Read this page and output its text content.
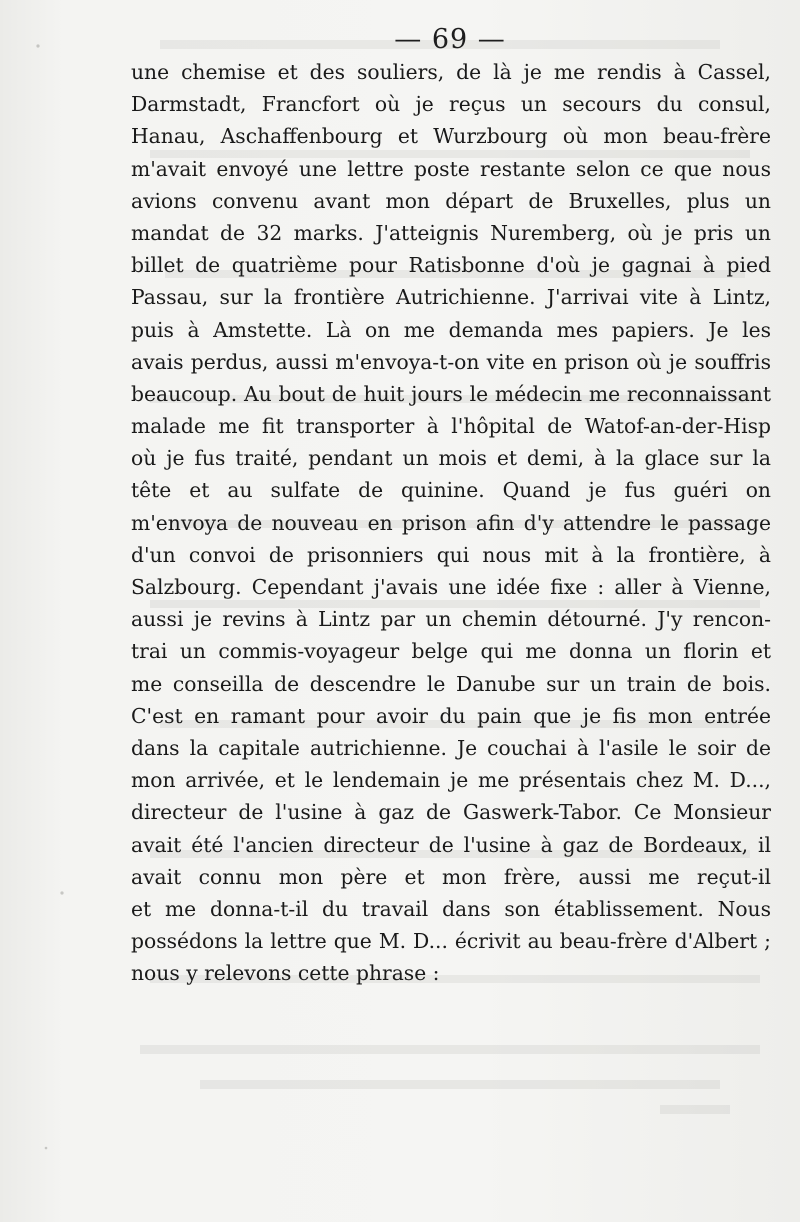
— 69 —
une chemise et des souliers, de là je me rendis à Cassel,
Darmstadt, Francfort où je reçus un secours du consul,
Hanau, Aschaffenbourg et Wurzbourg où mon beau-frère
m'avait envoyé une lettre poste restante selon ce que nous
avions convenu avant mon départ de Bruxelles, plus un
mandat de 32 marks. J'atteignis Nuremberg, où je pris un
billet de quatrième pour Ratisbonne d'où je gagnai à pied
Passau, sur la frontière Autrichienne. J'arrivai vite à Lintz,
puis à Amstette. Là on me demanda mes papiers. Je les
avais perdus, aussi m'envoya-t-on vite en prison où je souffris
beaucoup. Au bout de huit jours le médecin me reconnaissant
malade me fit transporter à l'hôpital de Watof-an-der-Hisp
où je fus traité, pendant un mois et demi, à la glace sur la
tête et au sulfate de quinine. Quand je fus guéri on
m'envoya de nouveau en prison afin d'y attendre le passage
d'un convoi de prisonniers qui nous mit à la frontière, à
Salzbourg. Cependant j'avais une idée fixe : aller à Vienne,
aussi je revins à Lintz par un chemin détourné. J'y rencon-
trai un commis-voyageur belge qui me donna un florin et
me conseilla de descendre le Danube sur un train de bois.
C'est en ramant pour avoir du pain que je fis mon entrée
dans la capitale autrichienne. Je couchai à l'asile le soir de
mon arrivée, et le lendemain je me présentais chez M. D...,
directeur de l'usine à gaz de Gaswerk-Tabor. Ce Monsieur
avait été l'ancien directeur de l'usine à gaz de Bordeaux, il
avait connu mon père et mon frère, aussi me reçut-il
et me donna-t-il du travail dans son établissement. Nous
possédons la lettre que M. D... écrivit au beau-frère d'Albert ;
nous y relevons cette phrase :
